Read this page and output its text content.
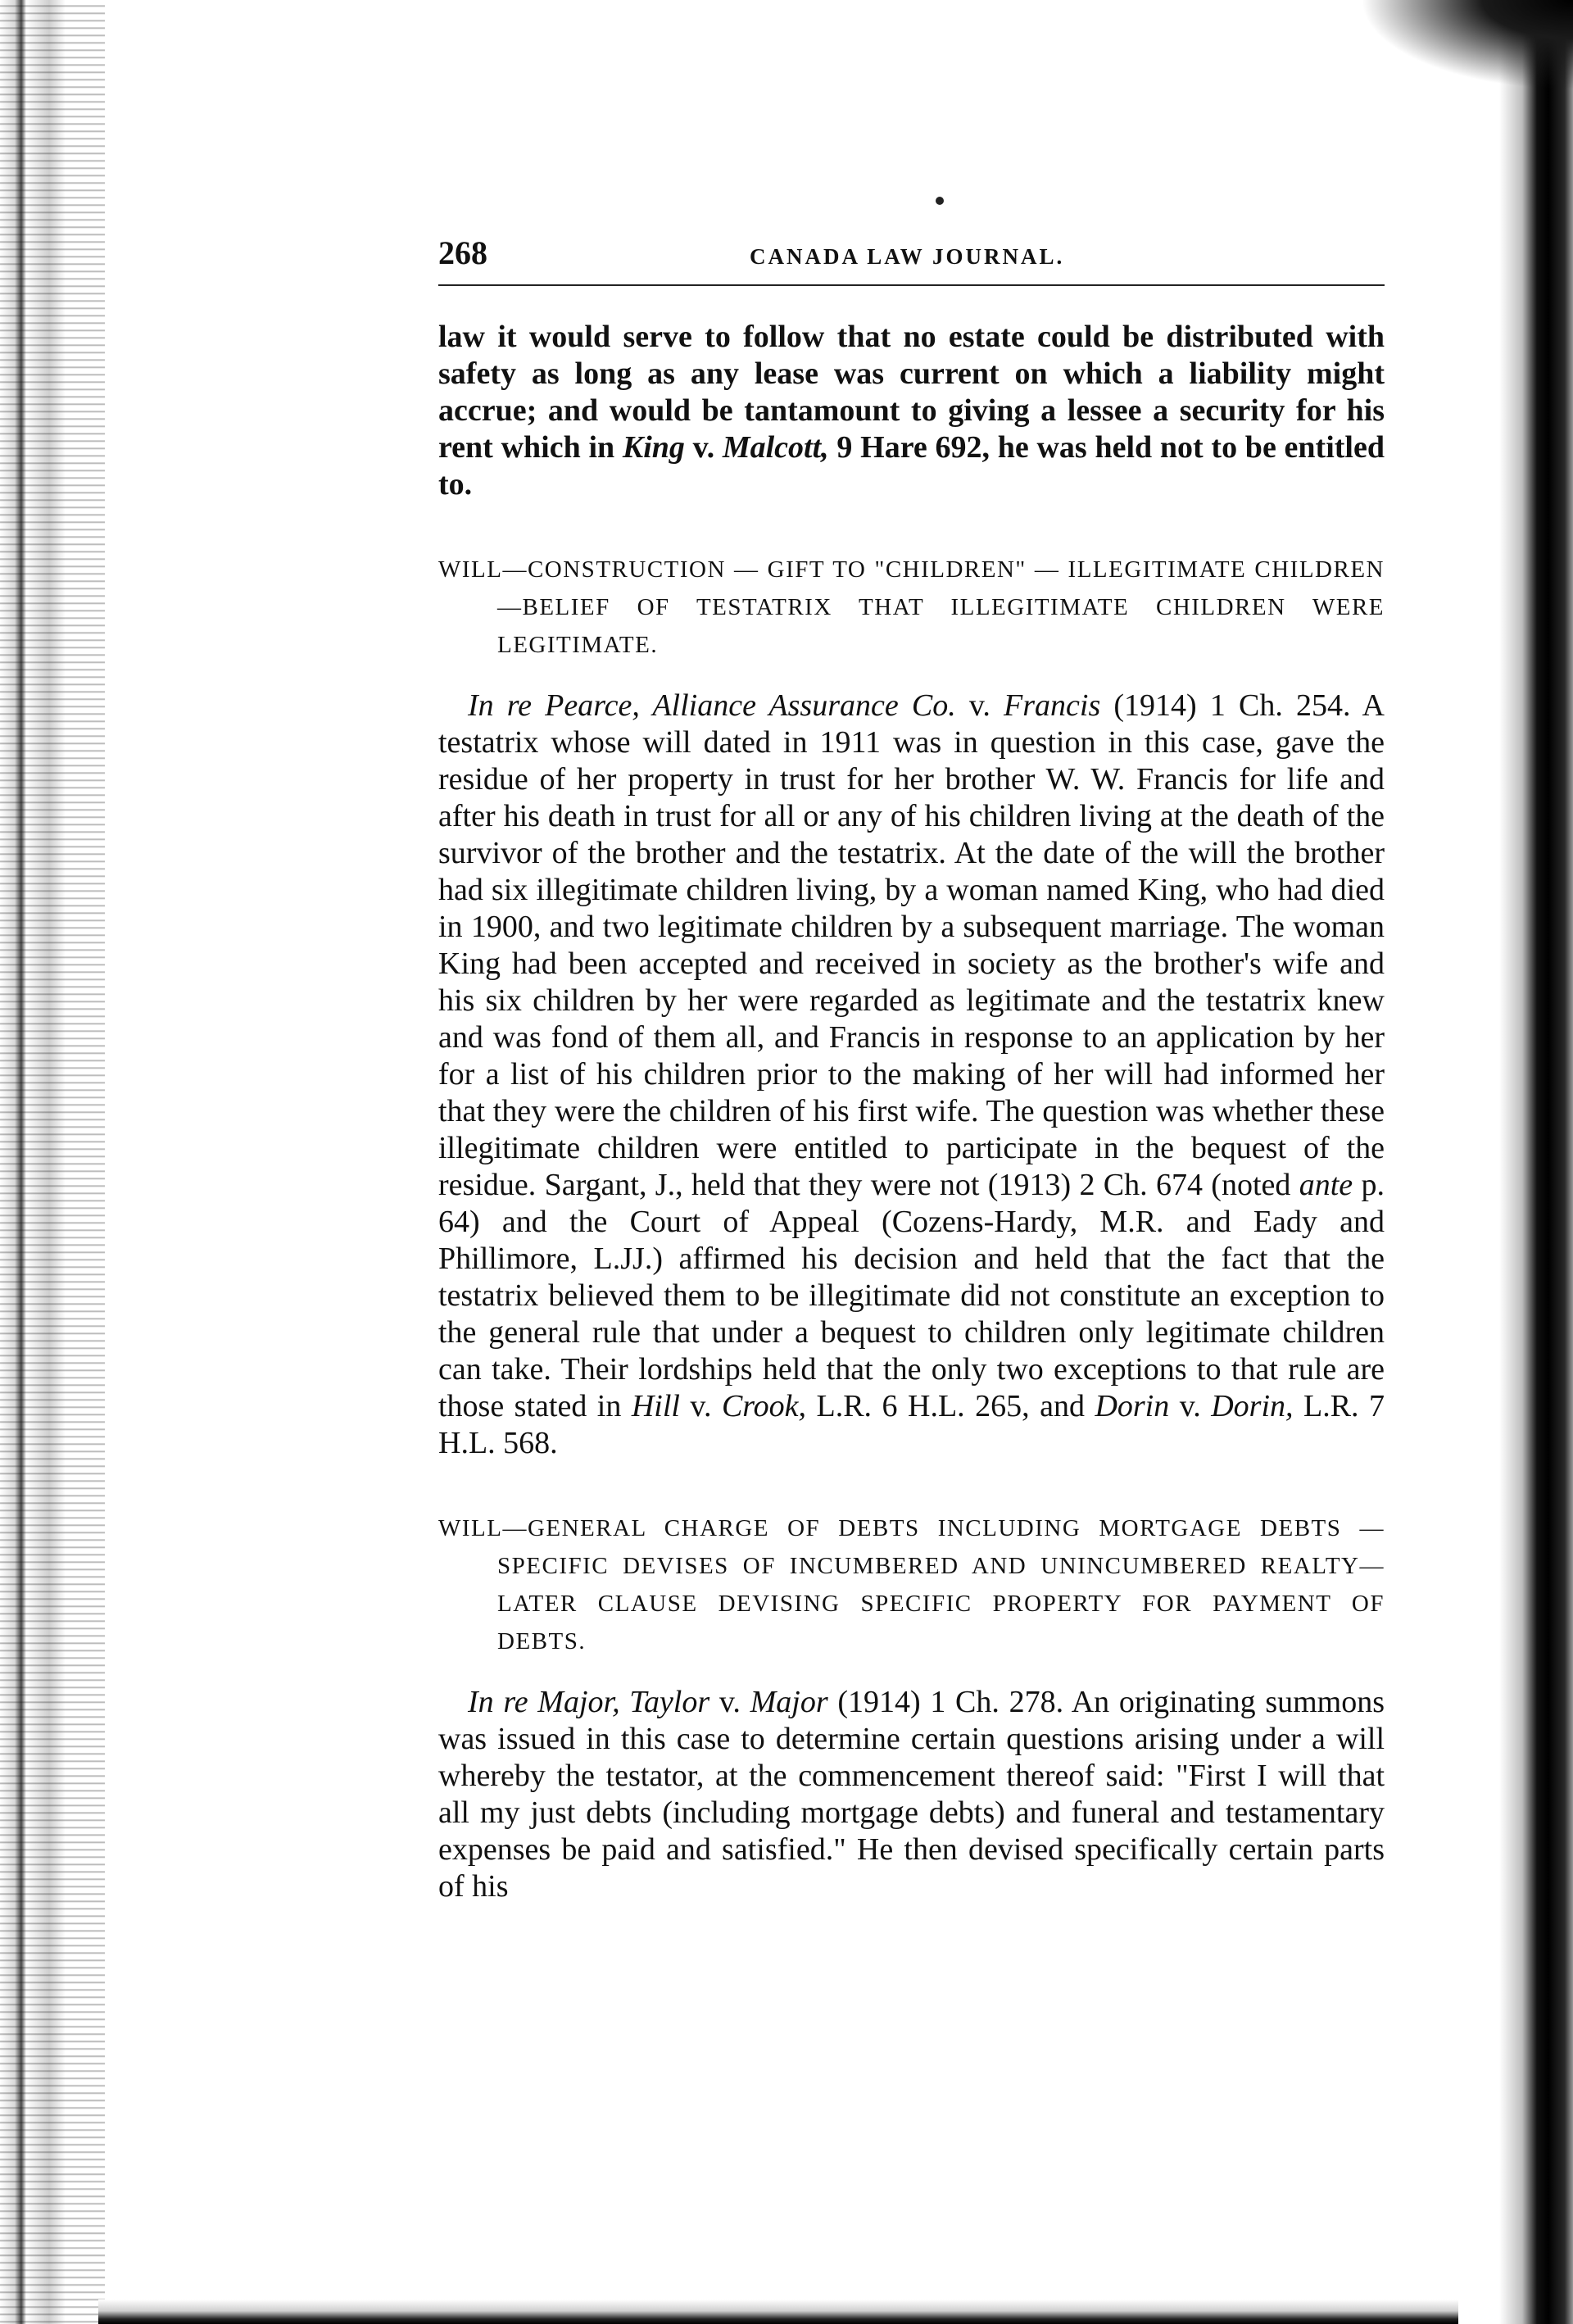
268	CANADA LAW JOURNAL.

law it would serve to follow that no estate could be distributed with safety as long as any lease was current on which a liability might accrue; and would be tantamount to giving a lessee a security for his rent which in King v. Malcott, 9 Hare 692, he was held not to be entitled to.

WILL—CONSTRUCTION — GIFT TO "CHILDREN" — ILLEGITIMATE CHILDREN—BELIEF OF TESTATRIX THAT ILLEGITIMATE CHILDREN WERE LEGITIMATE.

In re Pearce, Alliance Assurance Co. v. Francis (1914) 1 Ch. 254. A testatrix whose will dated in 1911 was in question in this case, gave the residue of her property in trust for her brother W. W. Francis for life and after his death in trust for all or any of his children living at the death of the survivor of the brother and the testatrix. At the date of the will the brother had six illegitimate children living, by a woman named King, who had died in 1900, and two legitimate children by a subsequent marriage. The woman King had been accepted and received in society as the brother's wife and his six children by her were regarded as legitimate and the testatrix knew and was fond of them all, and Francis in response to an application by her for a list of his children prior to the making of her will had informed her that they were the children of his first wife. The question was whether these illegitimate children were entitled to participate in the bequest of the residue. Sargant, J., held that they were not (1913) 2 Ch. 674 (noted ante p. 64) and the Court of Appeal (Cozens-Hardy, M.R. and Eady and Phillimore, L.JJ.) affirmed his decision and held that the fact that the testatrix believed them to be illegitimate did not constitute an exception to the general rule that under a bequest to children only legitimate children can take. Their lordships held that the only two exceptions to that rule are those stated in Hill v. Crook, L.R. 6 H.L. 265, and Dorin v. Dorin, L.R. 7 H.L. 568.

WILL—GENERAL CHARGE OF DEBTS INCLUDING MORTGAGE DEBTS —SPECIFIC DEVISES OF INCUMBERED AND UNINCUMBERED REALTY—LATER CLAUSE DEVISING SPECIFIC PROPERTY FOR PAYMENT OF DEBTS.

In re Major, Taylor v. Major (1914) 1 Ch. 278. An originating summons was issued in this case to determine certain questions arising under a will whereby the testator, at the commencement thereof said: "First I will that all my just debts (including mortgage debts) and funeral and testamentary expenses be paid and satisfied." He then devised specifically certain parts of his
